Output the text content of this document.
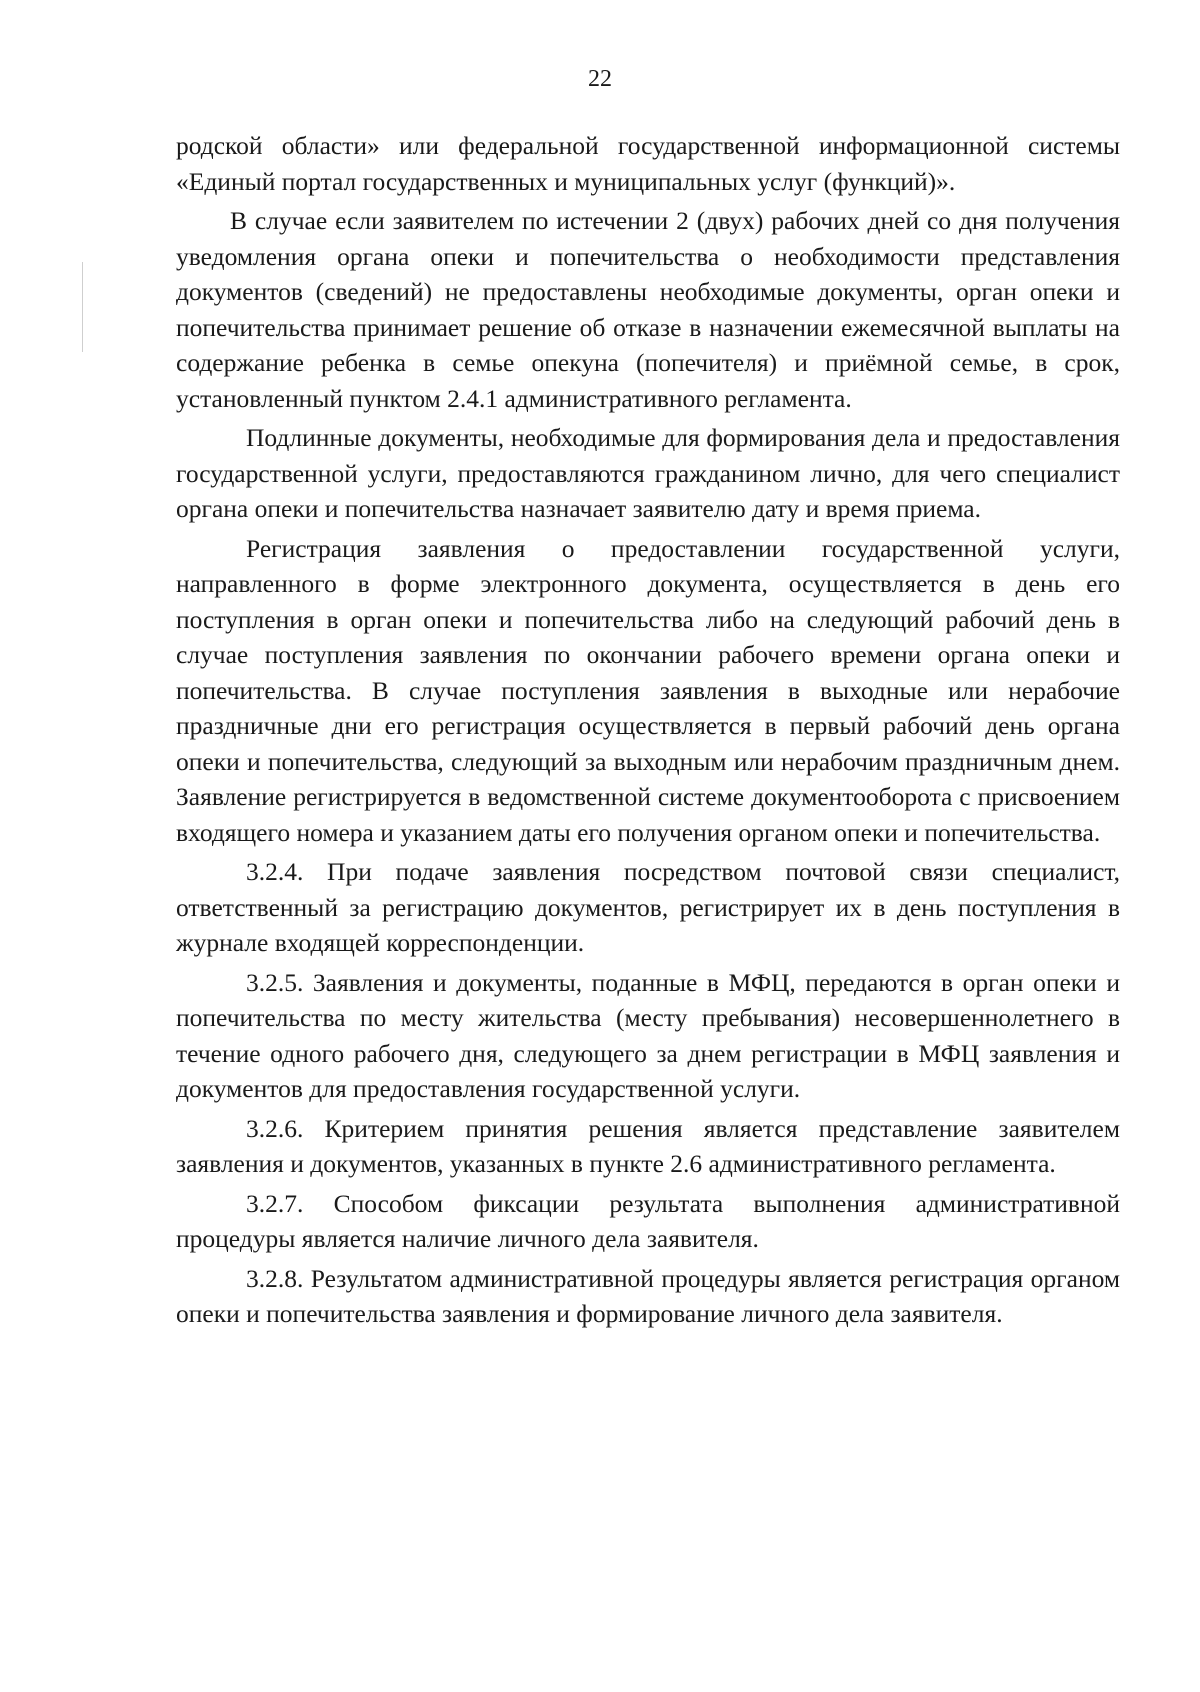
22

родской области» или федеральной государственной информационной системы «Единый портал государственных и муниципальных услуг (функций)».

В случае если заявителем по истечении 2 (двух) рабочих дней со дня получения уведомления органа опеки и попечительства о необходимости представления документов (сведений) не предоставлены необходимые документы, орган опеки и попечительства принимает решение об отказе в назначении ежемесячной выплаты на содержание ребенка в семье опекуна (попечителя) и приёмной семье, в срок, установленный пунктом 2.4.1 административного регламента.

Подлинные документы, необходимые для формирования дела и предоставления государственной услуги, предоставляются гражданином лично, для чего специалист органа опеки и попечительства назначает заявителю дату и время приема.

Регистрация заявления о предоставлении государственной услуги, направленного в форме электронного документа, осуществляется в день его поступления в орган опеки и попечительства либо на следующий рабочий день в случае поступления заявления по окончании рабочего времени органа опеки и попечительства. В случае поступления заявления в выходные или нерабочие праздничные дни его регистрация осуществляется в первый рабочий день органа опеки и попечительства, следующий за выходным или нерабочим праздничным днем. Заявление регистрируется в ведомственной системе документооборота с присвоением входящего номера и указанием даты его получения органом опеки и попечительства.

3.2.4. При подаче заявления посредством почтовой связи специалист, ответственный за регистрацию документов, регистрирует их в день поступления в журнале входящей корреспонденции.

3.2.5. Заявления и документы, поданные в МФЦ, передаются в орган опеки и попечительства по месту жительства (месту пребывания) несовершеннолетнего в течение одного рабочего дня, следующего за днем регистрации в МФЦ заявления и документов для предоставления государственной услуги.

3.2.6. Критерием принятия решения является представление заявителем заявления и документов, указанных в пункте 2.6 административного регламента.

3.2.7. Способом фиксации результата выполнения административной процедуры является наличие личного дела заявителя.

3.2.8. Результатом административной процедуры является регистрация органом опеки и попечительства заявления и формирование личного дела заявителя.
